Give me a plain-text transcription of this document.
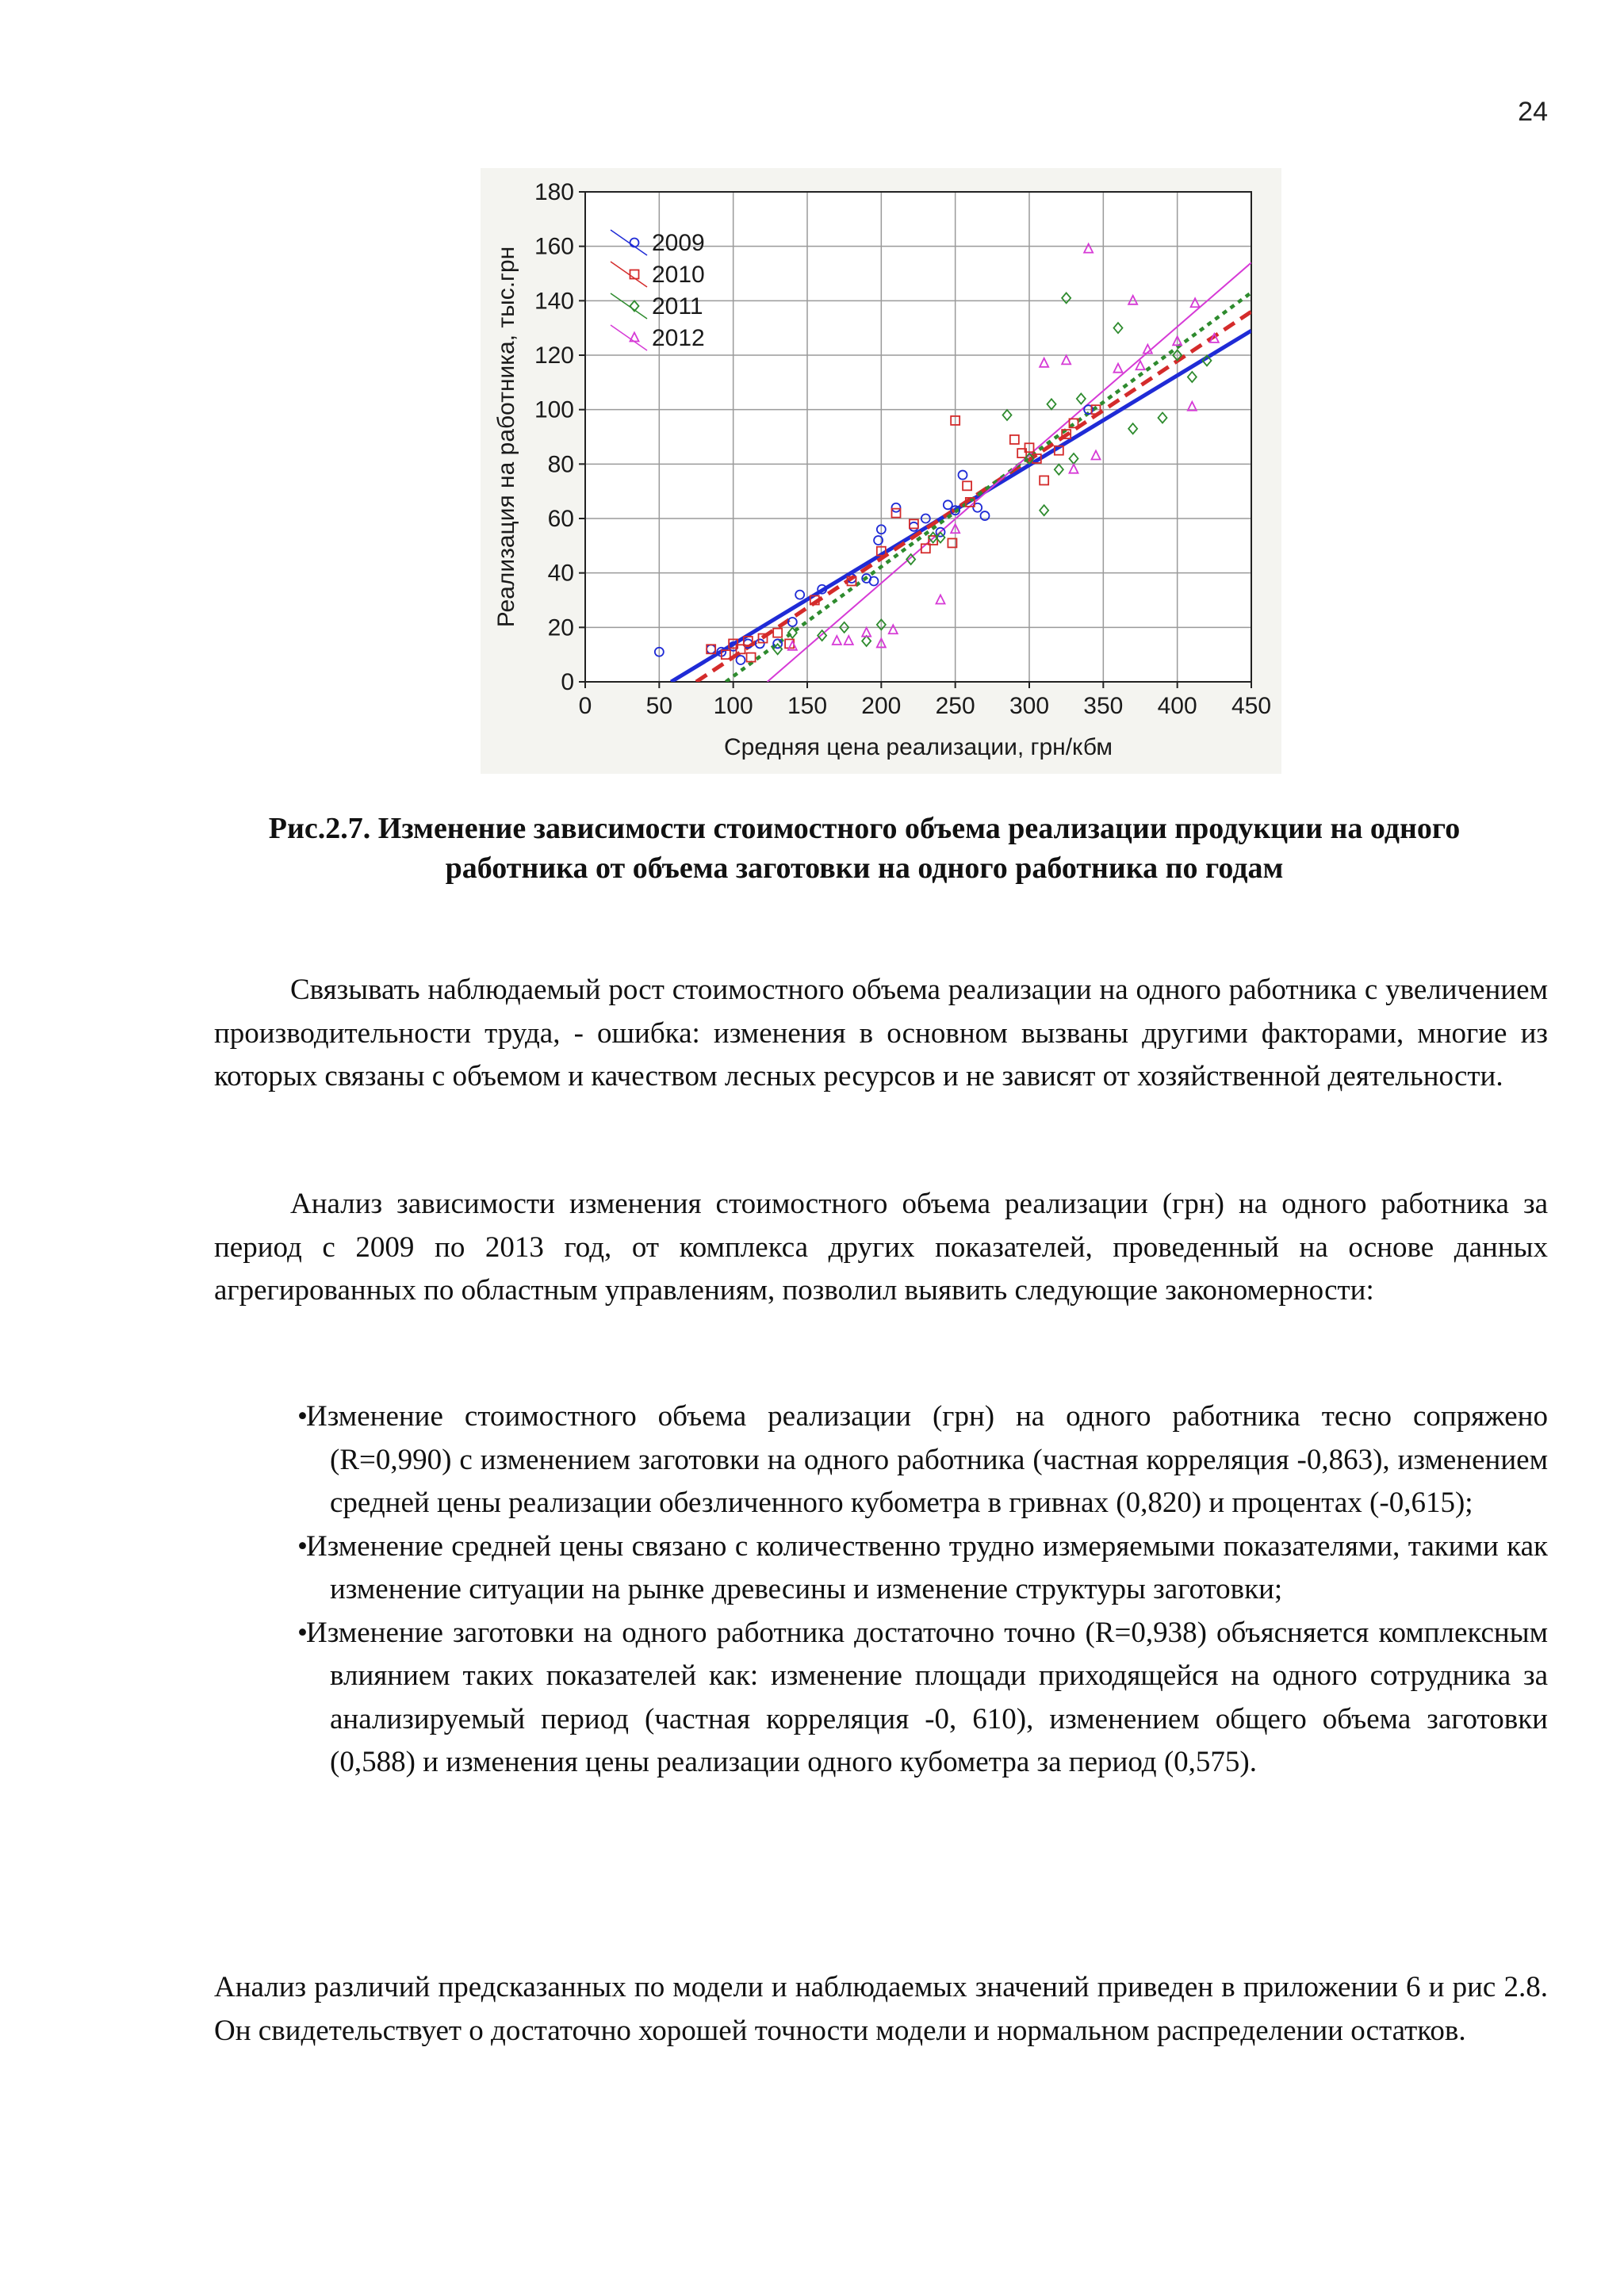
24
0 50 100 150 200 250 300 350 400 450
0
20
40
60
80
100
120
140
160
180
Средняя цена реализации, грн/кбм
Реализация на работника, тыс.грн
2009
2010
2011
2012
Рис.2.7. Изменение зависимости стоимостного объема реализации продукции на одного
работника от объема заготовки на одного работника по годам

Связывать наблюдаемый рост стоимостного объема реализации на одного работника с увеличением производительности труда, - ошибка: изменения в основном вызваны другими факторами, многие из которых связаны с объемом и качеством лесных ресурсов и не зависят от хозяйственной деятельности.

Анализ зависимости изменения стоимостного объема реализации (грн) на одного работника за период с 2009 по 2013 год, от комплекса других показателей, проведенный на основе данных агрегированных по областным управлениям, позволил выявить следующие закономерности:

•

Изменение стоимостного объема реализации (грн) на одного работника тесно сопряжено (R=0,990) с изменением заготовки на одного работника (частная корреляция -0,863), изменением средней цены реализации обезличенного кубометра в гривнах (0,820) и процентах (-0,615);

•

Изменение средней цены связано с количественно трудно измеряемыми показателями, такими как изменение ситуации на рынке древесины и изменение структуры заготовки;

•

Изменение заготовки на одного работника достаточно точно (R=0,938) объясняется комплексным влиянием таких показателей как: изменение площади приходящейся на одного сотрудника за анализируемый период (частная корреляция -0, 610), изменением общего объема заготовки (0,588) и изменения цены реализации одного кубометра за период (0,575).

Анализ различий предсказанных по модели и наблюдаемых значений приведен в приложении 6 и рис 2.8. Он свидетельствует о достаточно хорошей точности модели и нормальном распределении остатков.
